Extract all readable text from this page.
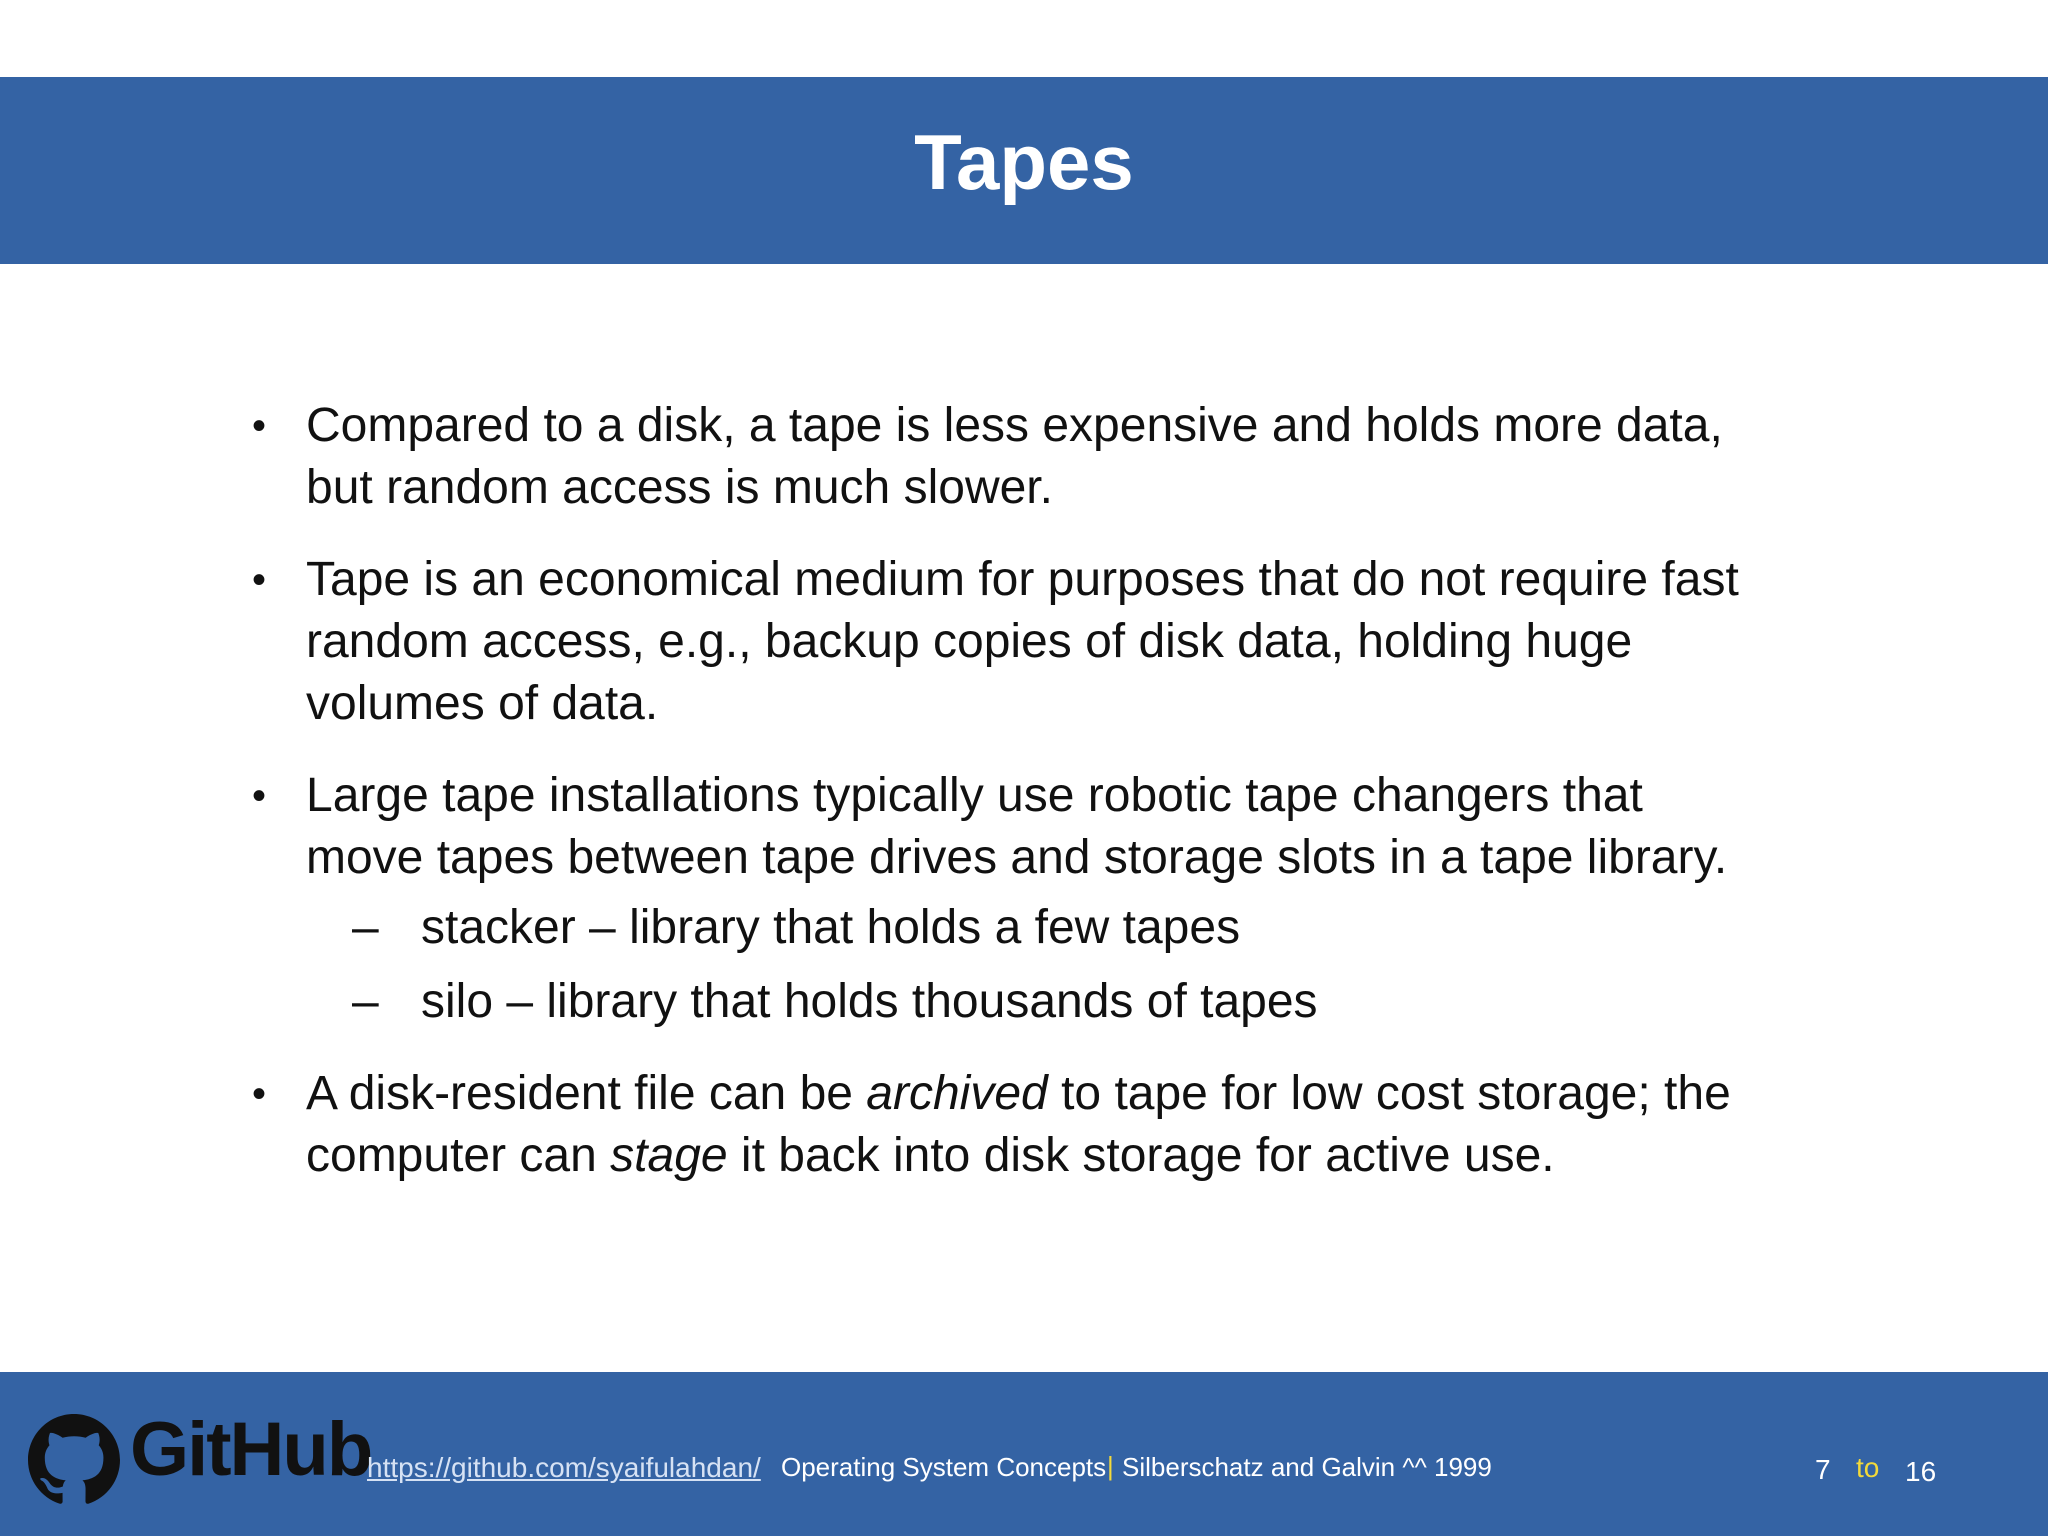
Tapes
• Compared to a disk, a tape is less expensive and holds more data, but random access is much slower.
• Tape is an economical medium for purposes that do not require fast random access, e.g., backup copies of disk data, holding huge volumes of data.
• Large tape installations typically use robotic tape changers that move tapes between tape drives and storage slots in a tape library.
– stacker – library that holds a few tapes
– silo – library that holds thousands of tapes
• A disk-resident file can be archived to tape for low cost storage; the computer can stage it back into disk storage for active use.
GitHub
https://github.com/syaifulahdan/ Operating System Concepts | Silberschatz and Galvin ^^ 1999	7 to 16
